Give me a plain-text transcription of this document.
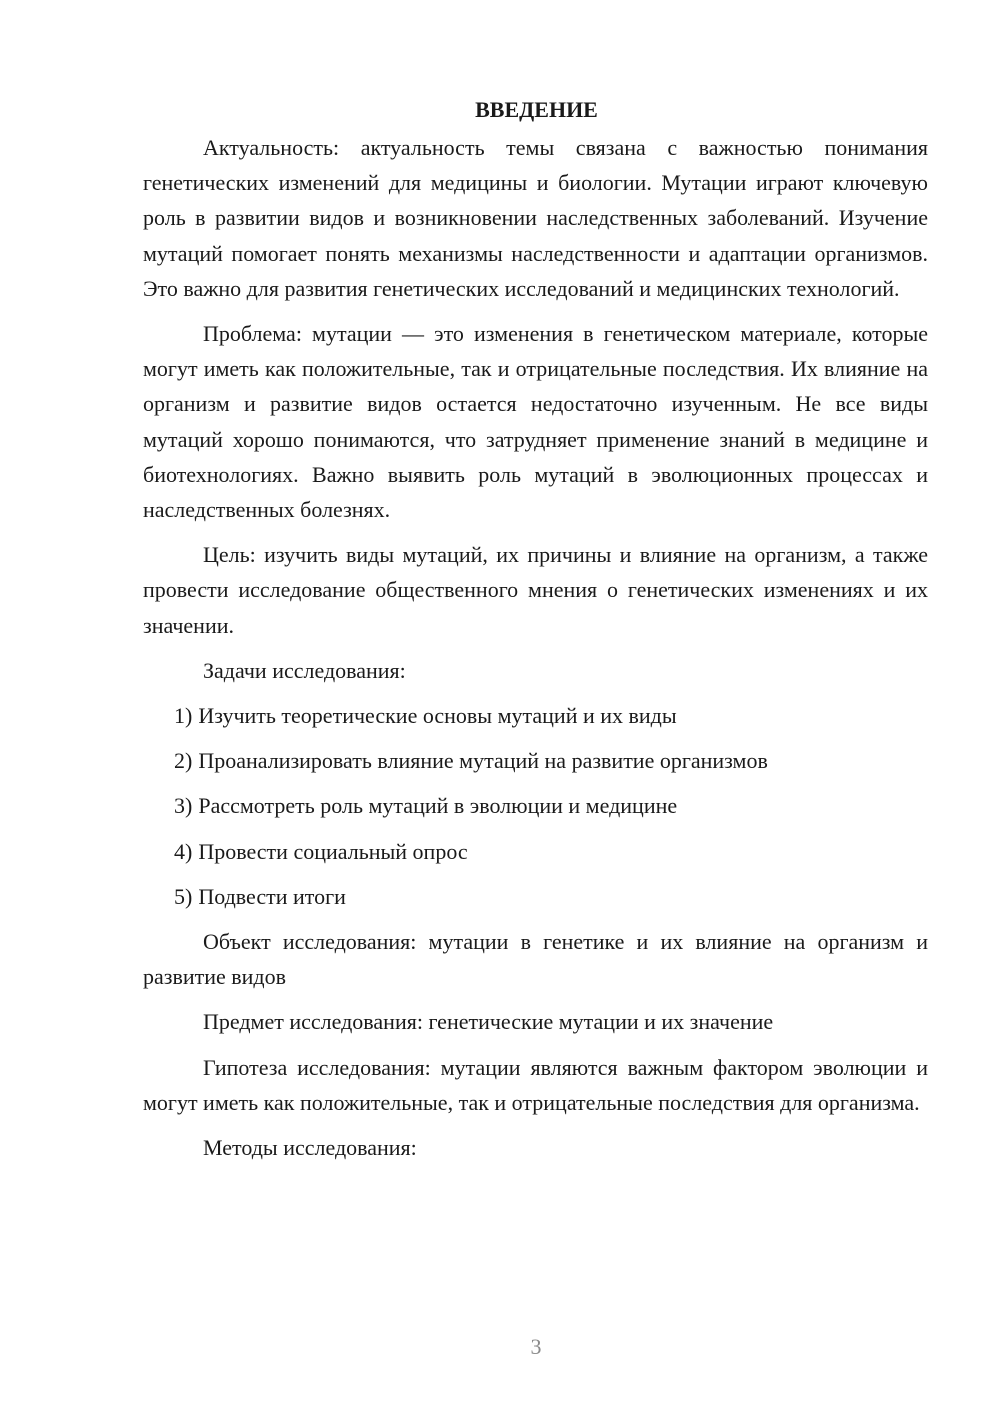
ВВЕДЕНИЕ

Актуальность: актуальность темы связана с важностью понимания генетических изменений для медицины и биологии. Мутации играют ключевую роль в развитии видов и возникновении наследственных заболеваний. Изучение мутаций помогает понять механизмы наследственности и адаптации организмов. Это важно для развития генетических исследований и медицинских технологий.

Проблема: мутации — это изменения в генетическом материале, которые могут иметь как положительные, так и отрицательные последствия. Их влияние на организм и развитие видов остается недостаточно изученным. Не все виды мутаций хорошо понимаются, что затрудняет применение знаний в медицине и биотехнологиях. Важно выявить роль мутаций в эволюционных процессах и наследственных болезнях.

Цель: изучить виды мутаций, их причины и влияние на организм, а также провести исследование общественного мнения о генетических изменениях и их значении.

Задачи исследования:

1) Изучить теоретические основы мутаций и их виды
2) Проанализировать влияние мутаций на развитие организмов
3) Рассмотреть роль мутаций в эволюции и медицине
4) Провести социальный опрос
5) Подвести итоги

Объект исследования: мутации в генетике и их влияние на организм и развитие видов

Предмет исследования: генетические мутации и их значение

Гипотеза исследования: мутации являются важным фактором эволюции и могут иметь как положительные, так и отрицательные последствия для организма.

Методы исследования:

3
